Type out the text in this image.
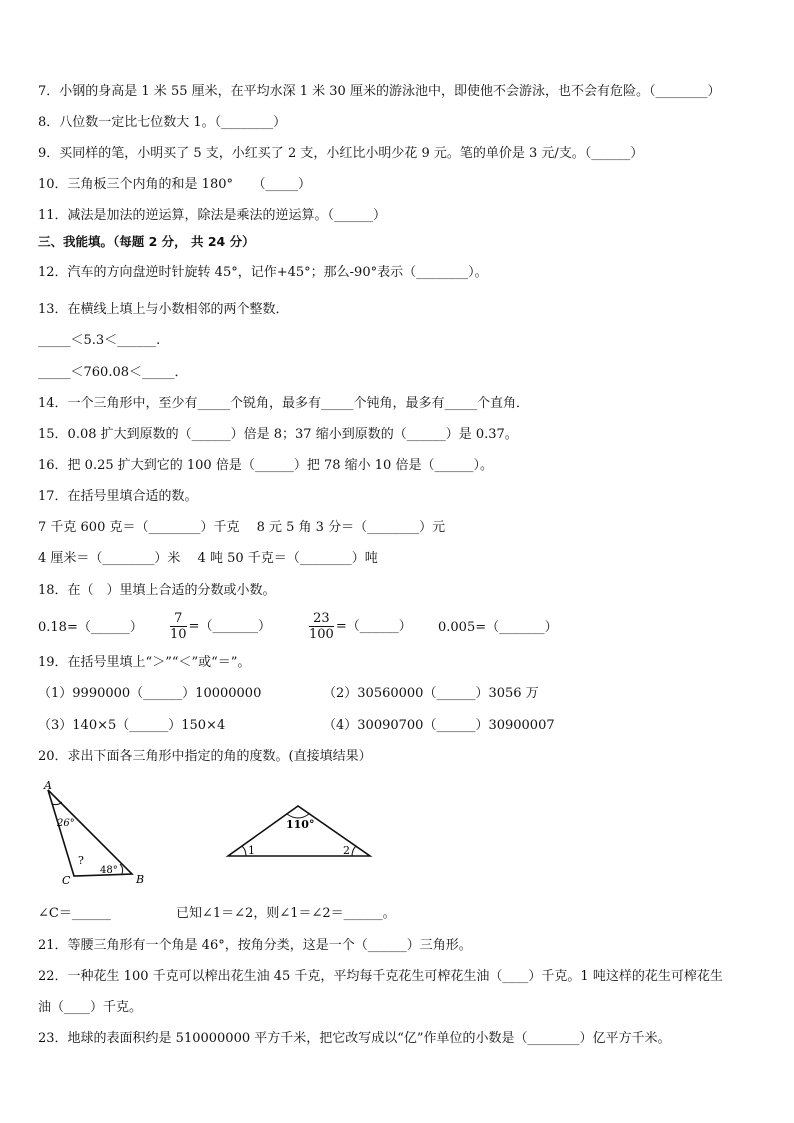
7．小钢的身高是 1 米 55 厘米，在平均水深 1 米 30 厘米的游泳池中，即使他不会游泳，也不会有危险。（________）
8．八位数一定比七位数大 1。（________）
9．买同样的笔，小明买了 5 支，小红买了 2 支，小红比小明少花 9 元。笔的单价是 3 元/支。（______）
10．三角板三个内角的和是 180°　　（_____）
11．减法是加法的逆运算，除法是乘法的逆运算。（______）
三、我能填。（每题 2 分， 共 24 分）
12．汽车的方向盘逆时针旋转 45°，记作+45°；那么-90°表示（________）。
13．在横线上填上与小数相邻的两个整数．
_____＜5.3＜______.
_____＜760.08＜_____．
14．一个三角形中，至少有_____个锐角，最多有_____个钝角，最多有_____个直角．
15．0.08 扩大到原数的（______）倍是 8；37 缩小到原数的（______）是 0.37。
16．把 0.25 扩大到它的 100 倍是（______）把 78 缩小 10 倍是（______）。
17．在括号里填合适的数。
7 千克 600 克＝（________）千克　 8 元 5 角 3 分＝（________）元
4 厘米＝（________）米　 4 吨 50 千克＝（________）吨
18．在（　）里填上合适的分数或小数。
0.18=（______） $\frac{7}{10}$ =（_______）	$\frac{23}{100}$ =（______） 0.005=（_______）
19．在括号里填上“＞”“＜”或“＝”。
（1）9990000（______）10000000	（2）30560000（______）3056 万
（3）140×5（______）150×4	（4）30090700（______）30900007
20．求出下面各三角形中指定的角的度数。(直接填结果）
A
C	B
26°
48°
?
110°
1	2
∠C＝______	已知∠1＝∠2，则∠1＝∠2＝______。
21．等腰三角形有一个角是 46°，按角分类，这是一个（______）三角形。
22．一种花生 100 千克可以榨出花生油 45 千克，平均每千克花生可榨花生油（____）千克。1 吨这样的花生可榨花生
油（____）千克。
23．地球的表面积约是 510000000 平方千米，把它改写成以“亿”作单位的小数是（________）亿平方千米。
